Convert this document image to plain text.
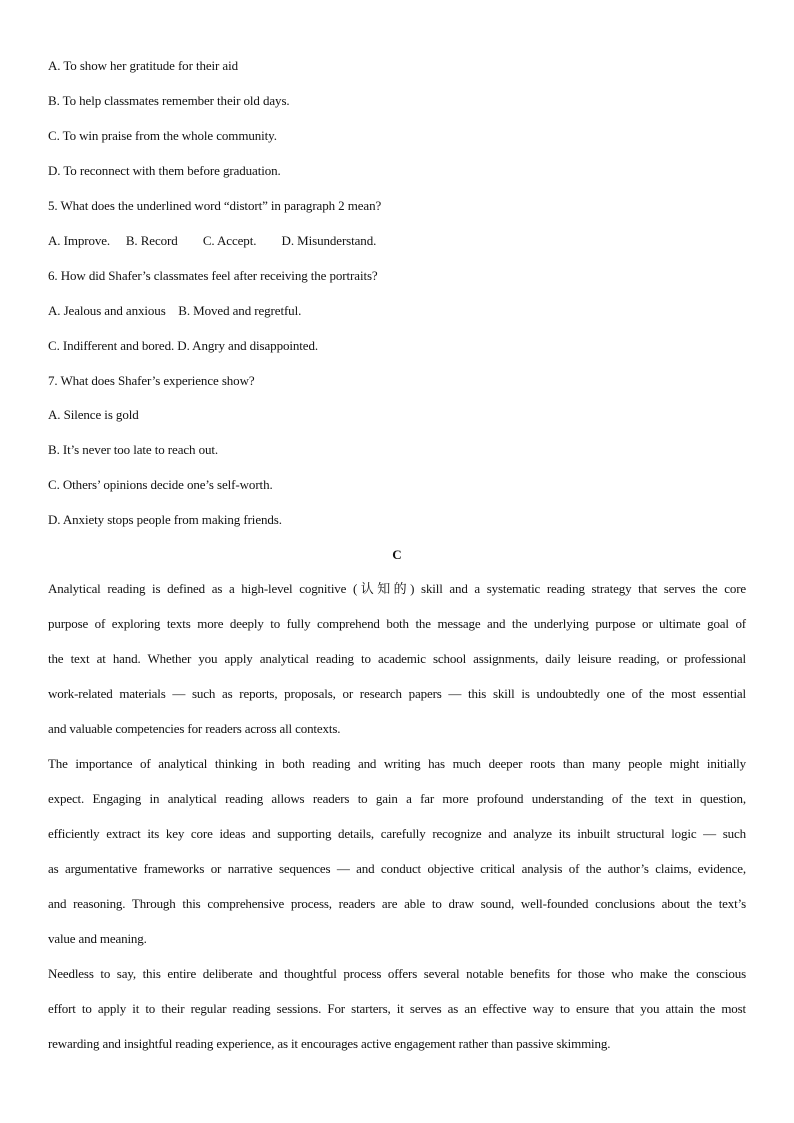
A. To show her gratitude for their aid
B. To help classmates remember their old days.
C. To win praise from the whole community.
D. To reconnect with them before graduation.
5. What does the underlined word “distort” in paragraph 2 mean?
A. Improve.     B. Record        C. Accept.        D. Misunderstand.
6. How did Shafer’s classmates feel after receiving the portraits?
A. Jealous and anxious    B. Moved and regretful.
C. Indifferent and bored. D. Angry and disappointed.
7. What does Shafer’s experience show?
A. Silence is gold
B. It’s never too late to reach out.
C. Others’ opinions decide one’s self-worth.
D. Anxiety stops people from making friends.
C
Analytical reading is defined as a high-level cognitive (认知的) skill and a systematic reading strategy that serves the core
purpose of exploring texts more deeply to fully comprehend both the message and the underlying purpose or ultimate goal of
the text at hand. Whether you apply analytical reading to academic school assignments, daily leisure reading, or professional
work-related materials — such as reports, proposals, or research papers — this skill is undoubtedly one of the most essential
and valuable competencies for readers across all contexts.
The importance of analytical thinking in both reading and writing has much deeper roots than many people might initially
expect. Engaging in analytical reading allows readers to gain a far more profound understanding of the text in question,
efficiently extract its key core ideas and supporting details, carefully recognize and analyze its inbuilt structural logic — such
as argumentative frameworks or narrative sequences — and conduct objective critical analysis of the author’s claims, evidence,
and reasoning. Through this comprehensive process, readers are able to draw sound, well-founded conclusions about the text’s
value and meaning.
Needless to say, this entire deliberate and thoughtful process offers several notable benefits for those who make the conscious
effort to apply it to their regular reading sessions. For starters, it serves as an effective way to ensure that you attain the most
rewarding and insightful reading experience, as it encourages active engagement rather than passive skimming.
